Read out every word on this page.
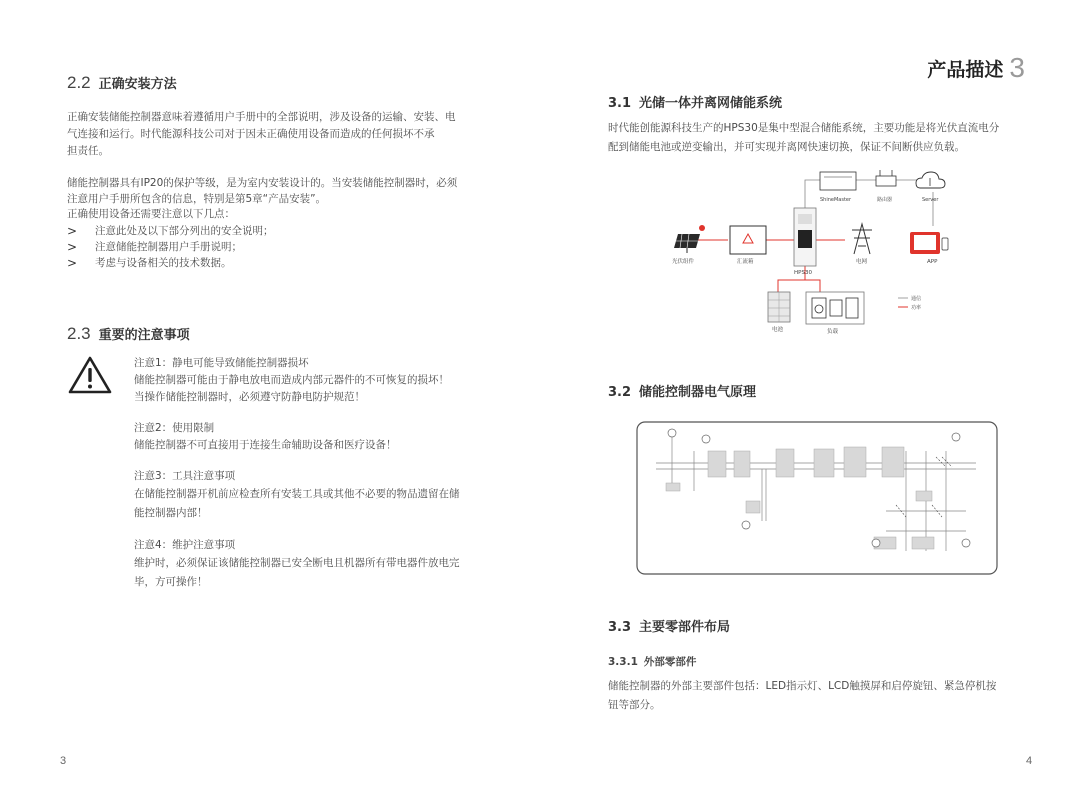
2.2 正确安装方法
正确安装储能控制器意味着遵循用户手册中的全部说明，涉及设备的运输、安装、电
气连接和运行。时代能源科技公司对于因未正确使用设备而造成的任何损坏不承
担责任。
储能控制器具有IP20的保护等级，是为室内安装设计的。当安装储能控制器时，必须
注意用户手册所包含的信息，特别是第5章“产品安装”。
正确使用设备还需要注意以下几点：
>	注意此处及以下部分列出的安全说明；
>	注意储能控制器用户手册说明；
>	考虑与设备相关的技术数据。
2.3 重要的注意事项
注意1：静电可能导致储能控制器损坏
储能控制器可能由于静电放电而造成内部元器件的不可恢复的损坏！
当操作储能控制器时，必须遵守防静电防护规范！
注意2：使用限制
储能控制器不可直接用于连接生命辅助设备和医疗设备！
注意3：工具注意事项
在储能控制器开机前应检查所有安装工具或其他不必要的物品遗留在储
能控制器内部！
注意4：维护注意事项
维护时，必须保证该储能控制器已安全断电且机器所有带电器件放电完
毕，方可操作！
3
产品描述 3
3.1 光储一体并离网储能系统
时代能创能源科技生产的HPS30是集中型混合储能系统，主要功能是将光伏直流电分
配到储能电池或逆变输出，并可实现并离网快速切换，保证不间断供应负载。
光伏组件	汇流箱
HPS30
电网
ShineMaster	路由器	Server
APP
电池	负载
通信
功率
3.2 储能控制器电气原理
3.3 主要零部件布局
3.3.1 外部零部件
储能控制器的外部主要部件包括：LED指示灯、LCD触摸屏和启停旋钮、紧急停机按
钮等部分。
4
